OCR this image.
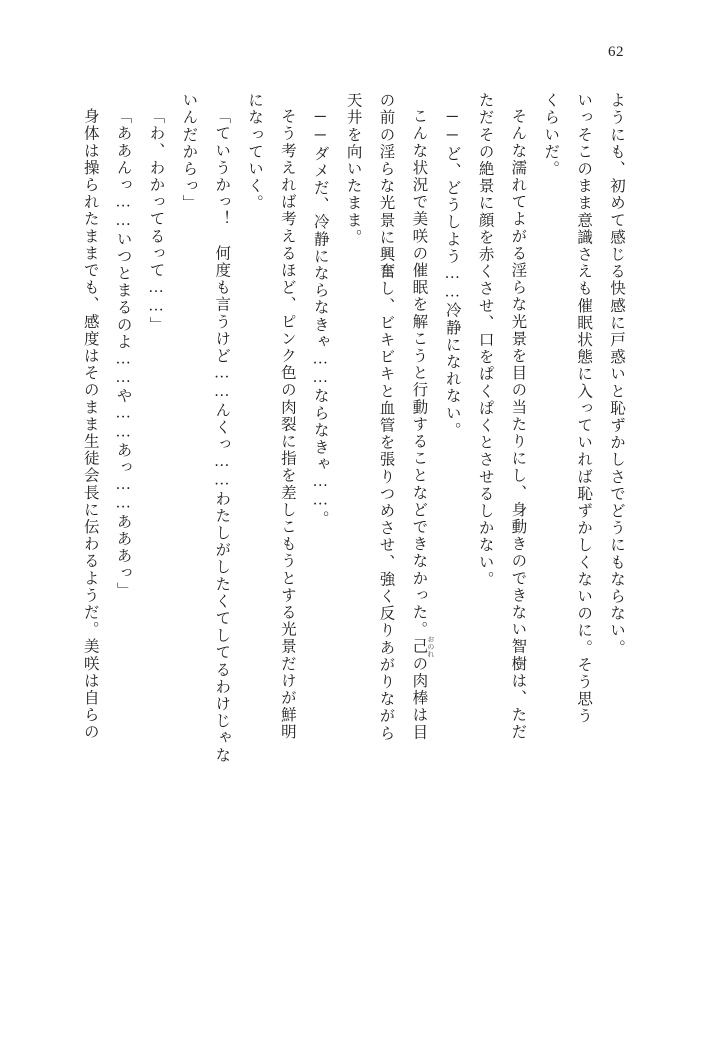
62

ようにも、初めて感じる快感に戸惑いと恥ずかしさでどうにもならない。

いっそこのまま意識さえも催眠状態に入っていれば恥ずかしくないのに。そう思う

くらいだ。

そんな濡れてよがる淫らな光景を目の当たりにし、身動きのできない智樹は、ただ

ただその絶景に顔を赤くさせ、口をぱくぱくとさせるしかない。

──ど、どうしよう……冷静になれない。

こんな状況で美咲の催眠を解こうと行動することなどできなかった。己 おのれの肉棒は目

の前の淫らな光景に興奮し、ビキビキと血管を張りつめさせ、強く反りあがりながら

天井を向いたまま。

──ダメだ、冷静にならなきゃ……ならなきゃ……。

そう考えれば考えるほど、ピンク色の肉裂に指を差しこもうとする光景だけが鮮明

になっていく。

「ていうかっ！　何度も言うけど……んくっ……わたしがしたくてしてるわけじゃな

いんだからっ」

「わ、わかってるって……」

「ああんっ……いつとまるのよ……や……あっ……あああっ」

身体は操られたままでも、感度はそのまま生徒会長に伝わるようだ。美咲は自らの
